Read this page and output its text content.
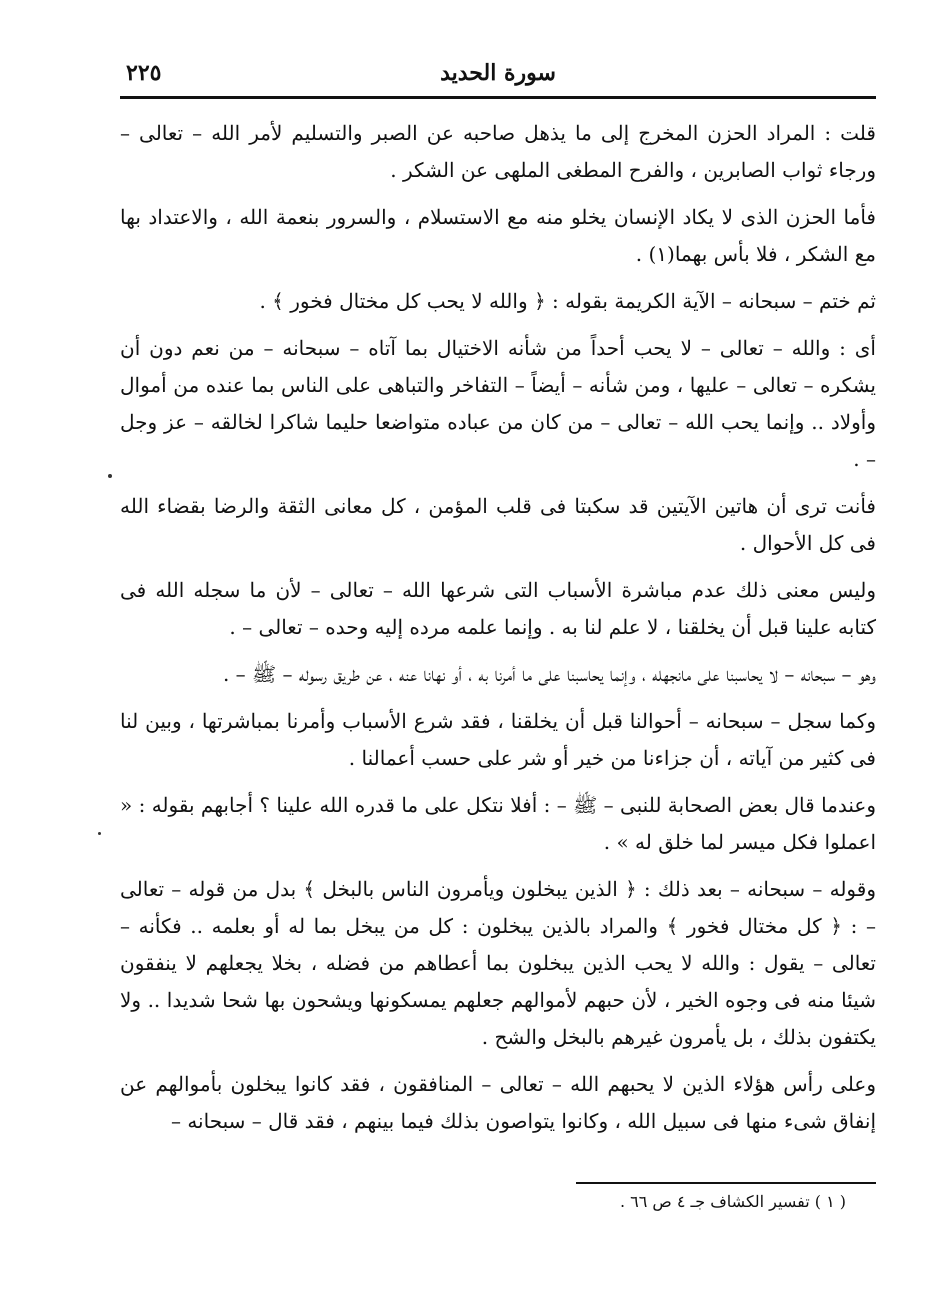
سورة الحديد
٢٢٥

قلت : المراد الحزن المخرج إلى ما يذهل صاحبه عن الصبر والتسليم لأمر الله – تعالى – ورجاء ثواب الصابرين ، والفرح المطغى الملهى عن الشكر .

فأما الحزن الذى لا يكاد الإنسان يخلو منه مع الاستسلام ، والسرور بنعمة الله ، والاعتداد بها مع الشكر ، فلا بأس بهما(١) .

ثم ختم – سبحانه – الآية الكريمة بقوله : ﴿ والله لا يحب كل مختال فخور ﴾ .

أى : والله – تعالى – لا يحب أحداً من شأنه الاختيال بما آتاه – سبحانه – من نعم دون أن يشكره – تعالى – عليها ، ومن شأنه – أيضاً – التفاخر والتباهى على الناس بما عنده من أموال وأولاد .. وإنما يحب الله – تعالى – من كان من عباده متواضعا حليما شاكرا لخالقه – عز وجل – .

فأنت ترى أن هاتين الآيتين قد سكبتا فى قلب المؤمن ، كل معانى الثقة والرضا بقضاء الله فى كل الأحوال .

وليس معنى ذلك عدم مباشرة الأسباب التى شرعها الله – تعالى – لأن ما سجله الله فى كتابه علينا قبل أن يخلقنا ، لا علم لنا به . وإنما علمه مرده إليه وحده – تعالى – .

وهو – سبحانه – لا يحاسبنا على مانجهله ، وإنما يحاسبنا على ما أمرنا به ، أو نهانا عنه ، عن طريق رسوله – ﷺ – .

وكما سجل – سبحانه – أحوالنا قبل أن يخلقنا ، فقد شرع الأسباب وأمرنا بمباشرتها ، وبين لنا فى كثير من آياته ، أن جزاءنا من خير أو شر على حسب أعمالنا .

وعندما قال بعض الصحابة للنبى – ﷺ – : أفلا نتكل على ما قدره الله علينا ؟ أجابهم بقوله : « اعملوا فكل ميسر لما خلق له » .

وقوله – سبحانه – بعد ذلك : ﴿ الذين يبخلون ويأمرون الناس بالبخل ﴾ بدل من قوله – تعالى – : ﴿ كل مختال فخور ﴾ والمراد بالذين يبخلون : كل من يبخل بما له أو بعلمه .. فكأنه – تعالى – يقول : والله لا يحب الذين يبخلون بما أعطاهم من فضله ، بخلا يجعلهم لا ينفقون شيئا منه فى وجوه الخير ، لأن حبهم لأموالهم جعلهم يمسكونها ويشحون بها شحا شديدا .. ولا يكتفون بذلك ، بل يأمرون غيرهم بالبخل والشح .

وعلى رأس هؤلاء الذين لا يحبهم الله – تعالى – المنافقون ، فقد كانوا يبخلون بأموالهم عن إنفاق شىء منها فى سبيل الله ، وكانوا يتواصون بذلك فيما بينهم ، فقد قال – سبحانه –

( ١ ) تفسير الكشاف جـ ٤ ص ٦٦ .
